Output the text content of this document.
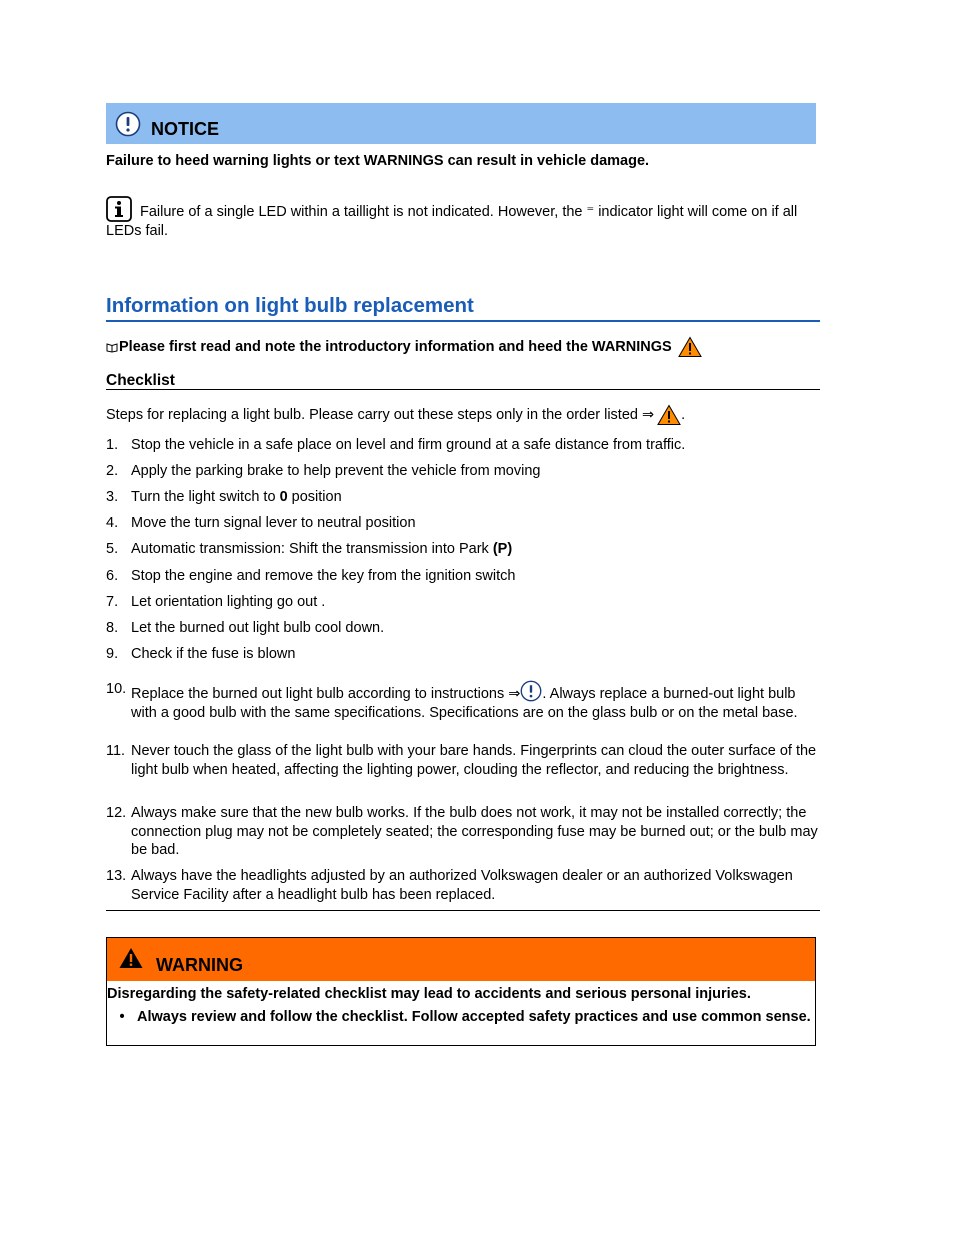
NOTICE
Failure to heed warning lights or text WARNINGS can result in vehicle damage.
Failure of a single LED within a taillight is not indicated. However, the ⁼ indicator light will come on if all LEDs fail.
Information on light bulb replacement
Please first read and note the introductory information and heed the WARNINGS
Checklist
Steps for replacing a light bulb. Please carry out these steps only in the order listed ⇒ .
1. Stop the vehicle in a safe place on level and firm ground at a safe distance from traffic.
2. Apply the parking brake to help prevent the vehicle from moving
3. Turn the light switch to 0 position
4. Move the turn signal lever to neutral position
5. Automatic transmission: Shift the transmission into Park (P)
6. Stop the engine and remove the key from the ignition switch
7. Let orientation lighting go out .
8. Let the burned out light bulb cool down.
9. Check if the fuse is blown
10. Replace the burned out light bulb according to instructions ⇒ . Always replace a burned-out light bulb with a good bulb with the same specifications. Specifications are on the glass bulb or on the metal base.
11. Never touch the glass of the light bulb with your bare hands. Fingerprints can cloud the outer surface of the light bulb when heated, affecting the lighting power, clouding the reflector, and reducing the brightness.
12. Always make sure that the new bulb works. If the bulb does not work, it may not be installed correctly; the connection plug may not be completely seated; the corresponding fuse may be burned out; or the bulb may be bad.
13. Always have the headlights adjusted by an authorized Volkswagen dealer or an authorized Volkswagen Service Facility after a headlight bulb has been replaced.
WARNING
Disregarding the safety-related checklist may lead to accidents and serious personal injuries.
• Always review and follow the checklist. Follow accepted safety practices and use common sense.
